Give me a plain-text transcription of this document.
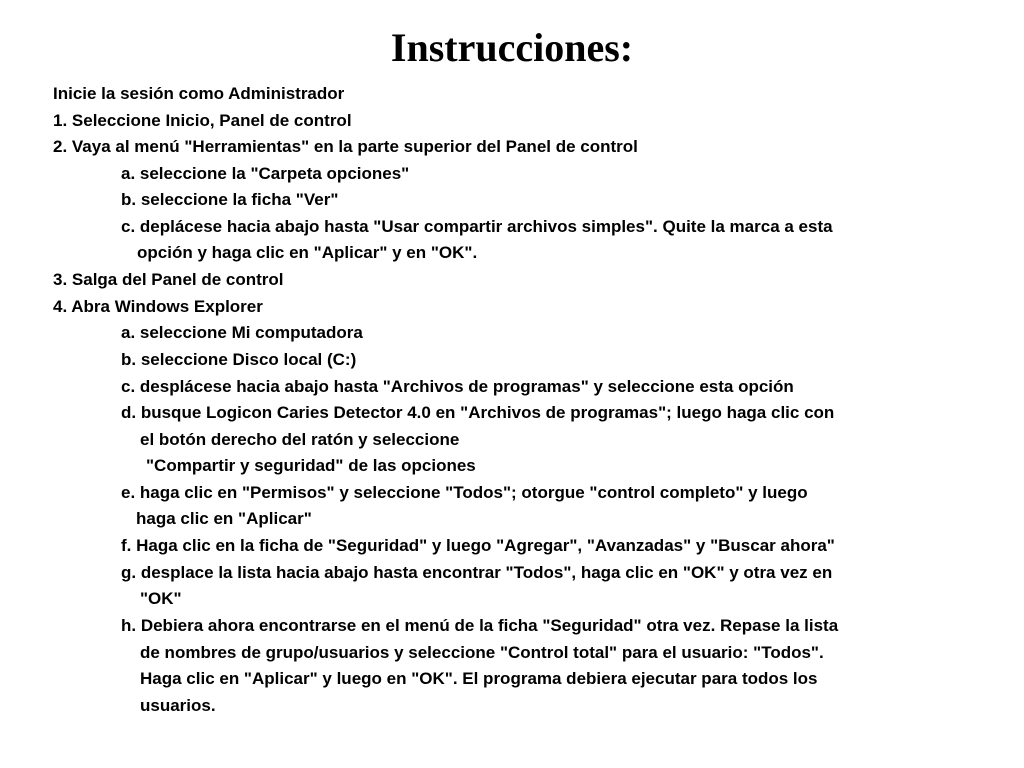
Instrucciones:
Inicie la sesión como Administrador
1. Seleccione Inicio, Panel de control
2. Vaya al menú "Herramientas" en la parte superior del Panel de control
a. seleccione la "Carpeta opciones"
b. seleccione la ficha "Ver"
c. deplácese hacia abajo hasta "Usar compartir archivos simples". Quite la marca a esta
opción y haga clic en "Aplicar" y en "OK".
3. Salga del Panel de control
4. Abra Windows Explorer
a. seleccione Mi computadora
b. seleccione Disco local (C:)
c. desplácese hacia abajo hasta "Archivos de programas" y seleccione esta opción
d. busque Logicon Caries Detector 4.0 en "Archivos de programas"; luego haga clic con
el botón derecho del ratón y seleccione
"Compartir y seguridad" de las opciones
e. haga clic en "Permisos" y seleccione "Todos"; otorgue "control completo" y luego
haga clic en "Aplicar"
f. Haga clic en la ficha de "Seguridad" y luego "Agregar", "Avanzadas" y "Buscar ahora"
g. desplace la lista hacia abajo hasta encontrar "Todos", haga clic en "OK" y otra vez en
"OK"
h. Debiera ahora encontrarse en el menú de la ficha "Seguridad" otra vez. Repase la lista
de nombres de grupo/usuarios y seleccione "Control total" para el usuario: "Todos".
Haga clic en "Aplicar" y luego en "OK". El programa debiera ejecutar para todos los
usuarios.
